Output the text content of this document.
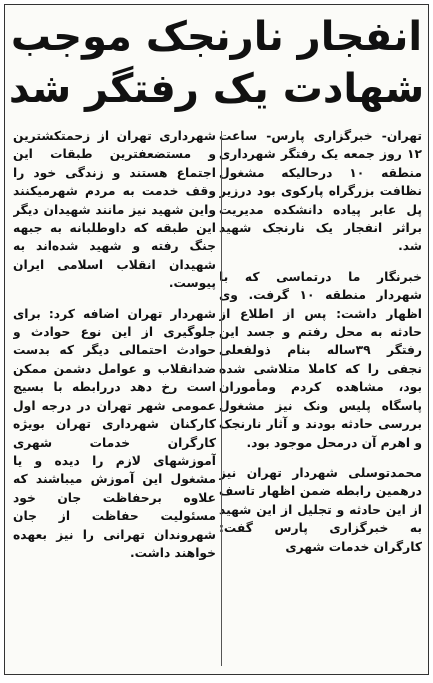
انفجار نارنجک موجب
شهادت یک رفتگر شد

تهران- خبرگزاری پارس- ساعت ۱۲ روز جمعه یک رفتگر شهرداری منطقه ۱۰ درحالیکه مشغول نظافت بزرگراه پارکوی بود درزیر پل عابر پیاده دانشکده مدیریت براثر انفجار یک نارنجک شهید شد.

خبرنگار ما درتماسی که با شهردار منطقه ۱۰ گرفت. وی اظهار داشت: پس از اطلاع از حادثه به محل رفتم و جسد این رفتگر ۳۹ساله بنام ذولفعلی نجفی را که کاملا متلاشی شده بود، مشاهده کردم ومأموران پاسگاه پلیس ونک نیز مشغول بررسی حادثه بودند و آثار نارنجک و اهرم آن درمحل موجود بود.

محمدتوسلی شهردار تهران نیز درهمین رابطه ضمن اظهار تاسف از این حادثه و تجلیل از این شهید به خبرگزاری پارس گفت: کارگران خدمات شهری

شهرداری تهران از زحمتکشترین و مستضعفترین طبقات این اجتماع هستند و زندگی خود را وقف خدمت به مردم شهرمیکنند واین شهید نیز مانند شهیدان دیگر این طبقه که داوطلبانه به جبهه جنگ رفته و شهید شده‌اند به شهیدان انقلاب اسلامی ایران پیوست.

شهردار تهران اضافه کرد: برای جلوگیری از این نوع حوادث و حوادث احتمالی دیگر که بدست ضدانقلاب و عوامل دشمن ممکن است رخ دهد دررابطه با بسیج عمومی شهر تهران در درجه اول کارکنان شهرداری تهران بویژه کارگران خدمات شهری آموزشهای لازم را دیده و یا مشغول این آموزش میباشند که علاوه برحفاظت جان خود مسئولیت حفاظت از جان شهروندان تهرانی را نیز بعهده خواهند داشت.
